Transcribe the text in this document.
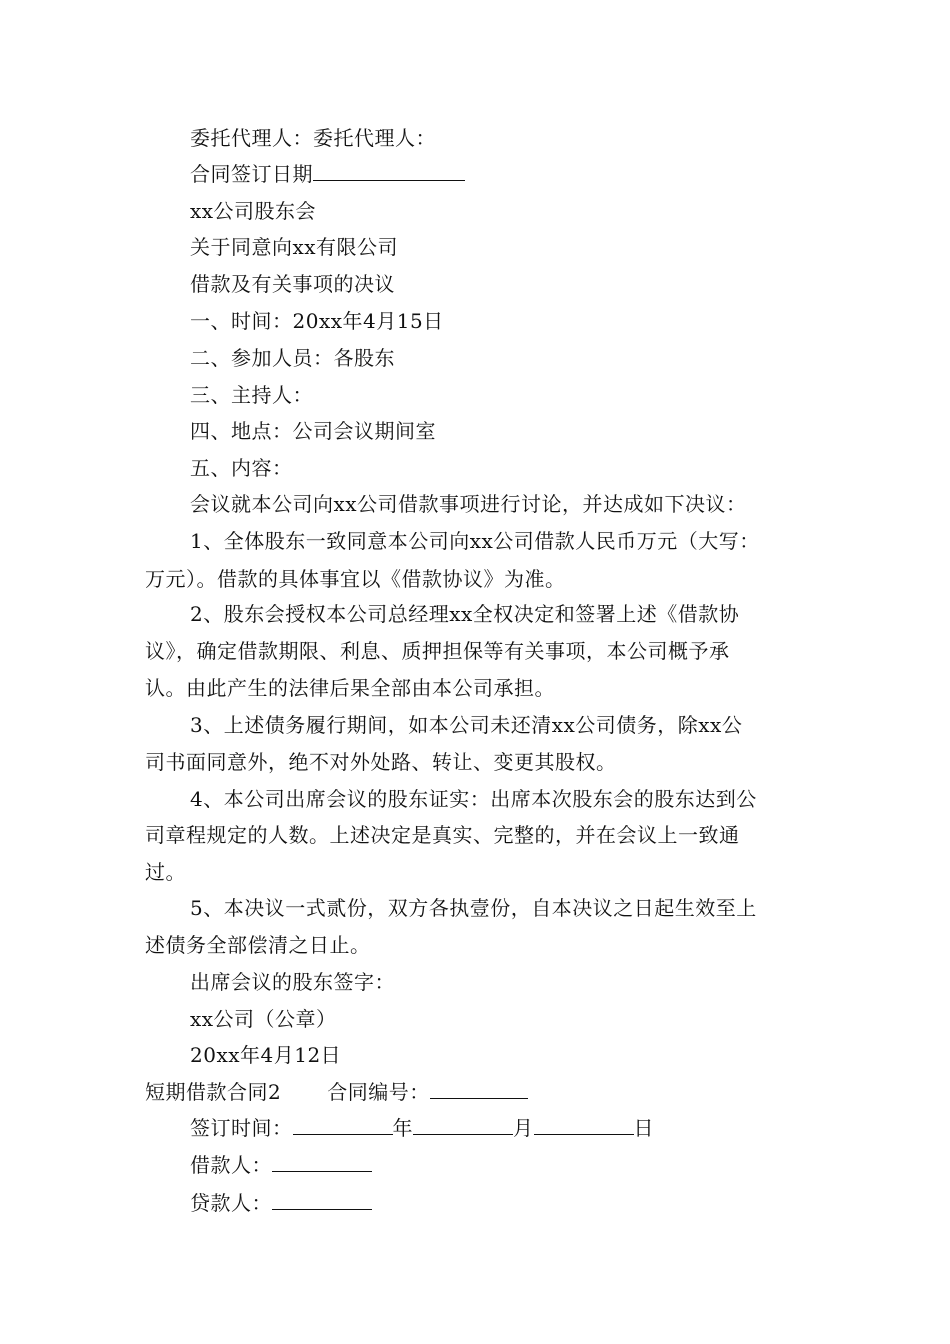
委托代理人：委托代理人：
合同签订日期
xx公司股东会
关于同意向xx有限公司
借款及有关事项的决议
一、时间：20xx年4月15日
二、参加人员：各股东
三、主持人：
四、地点：公司会议期间室
五、内容：
会议就本公司向xx公司借款事项进行讨论，并达成如下决议：
1、全体股东一致同意本公司向xx公司借款人民币万元（大写：
万元）。借款的具体事宜以《借款协议》为准。
2、股东会授权本公司总经理xx全权决定和签署上述《借款协
议》，确定借款期限、利息、质押担保等有关事项，本公司概予承
认。由此产生的法律后果全部由本公司承担。
3、上述债务履行期间，如本公司未还清xx公司债务，除xx公
司书面同意外，绝不对外处路、转让、变更其股权。
4、本公司出席会议的股东证实：出席本次股东会的股东达到公
司章程规定的人数。上述决定是真实、完整的，并在会议上一致通
过。
5、本决议一式贰份，双方各执壹份，自本决议之日起生效至上
述债务全部偿清之日止。
出席会议的股东签字：
xx公司（公章）
20xx年4月12日
短期借款合同2 合同编号：
签订时间：	年	月	日
借款人：
贷款人：
